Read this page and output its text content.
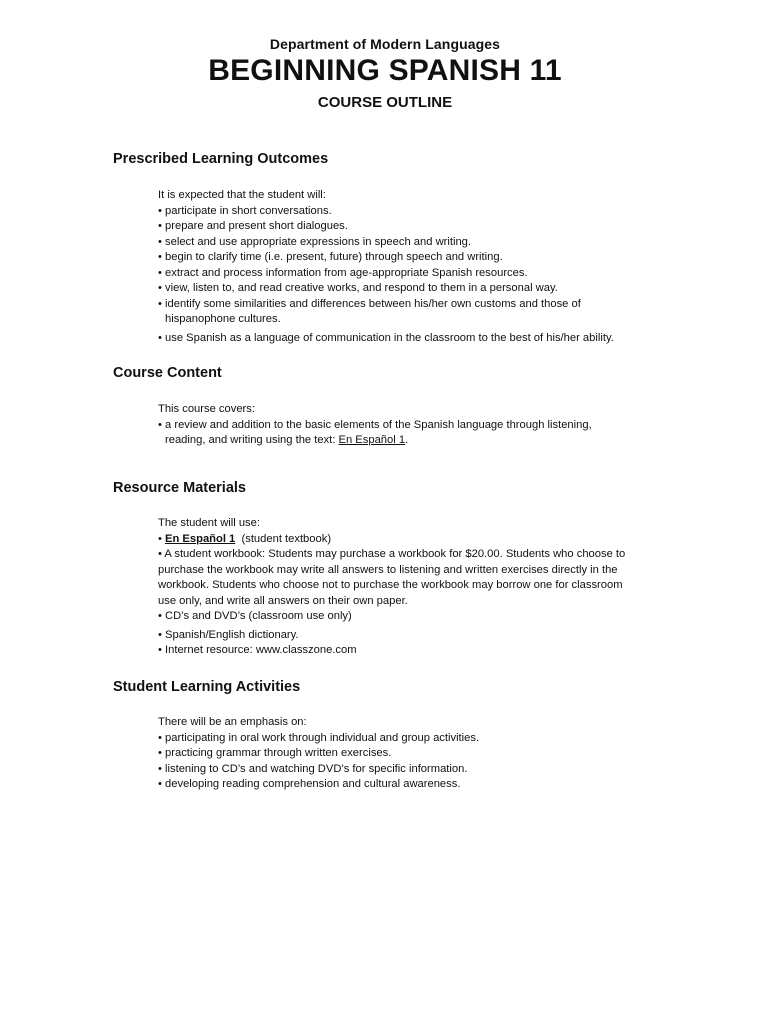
Department of Modern Languages
BEGINNING SPANISH 11
COURSE OUTLINE
Prescribed Learning Outcomes
It is expected that the student will:
• participate in short conversations.
• prepare and present short dialogues.
• select and use appropriate expressions in speech and writing.
• begin to clarify time (i.e. present, future) through speech and writing.
• extract and process information from age-appropriate Spanish resources.
• view, listen to, and read creative works, and respond to them in a personal way.
• identify some similarities and differences between his/her own customs and those of
hispanophone cultures.
• use Spanish as a language of communication in the classroom to the best of his/her ability.
Course Content
This course covers:
• a review and addition to the basic elements of the Spanish language through listening,
reading, and writing using the text: En Español 1.
Resource Materials
The student will use:
• En Español 1  (student textbook)
• A student workbook: Students may purchase a workbook for $20.00. Students who choose to
purchase the workbook may write all answers to listening and written exercises directly in the
workbook. Students who choose not to purchase the workbook may borrow one for classroom
use only, and write all answers on their own paper.
• CD’s and DVD’s (classroom use only)
• Spanish/English dictionary.
• Internet resource: www.classzone.com
Student Learning Activities
There will be an emphasis on:
• participating in oral work through individual and group activities.
• practicing grammar through written exercises.
• listening to CD’s and watching DVD’s for specific information.
• developing reading comprehension and cultural awareness.
